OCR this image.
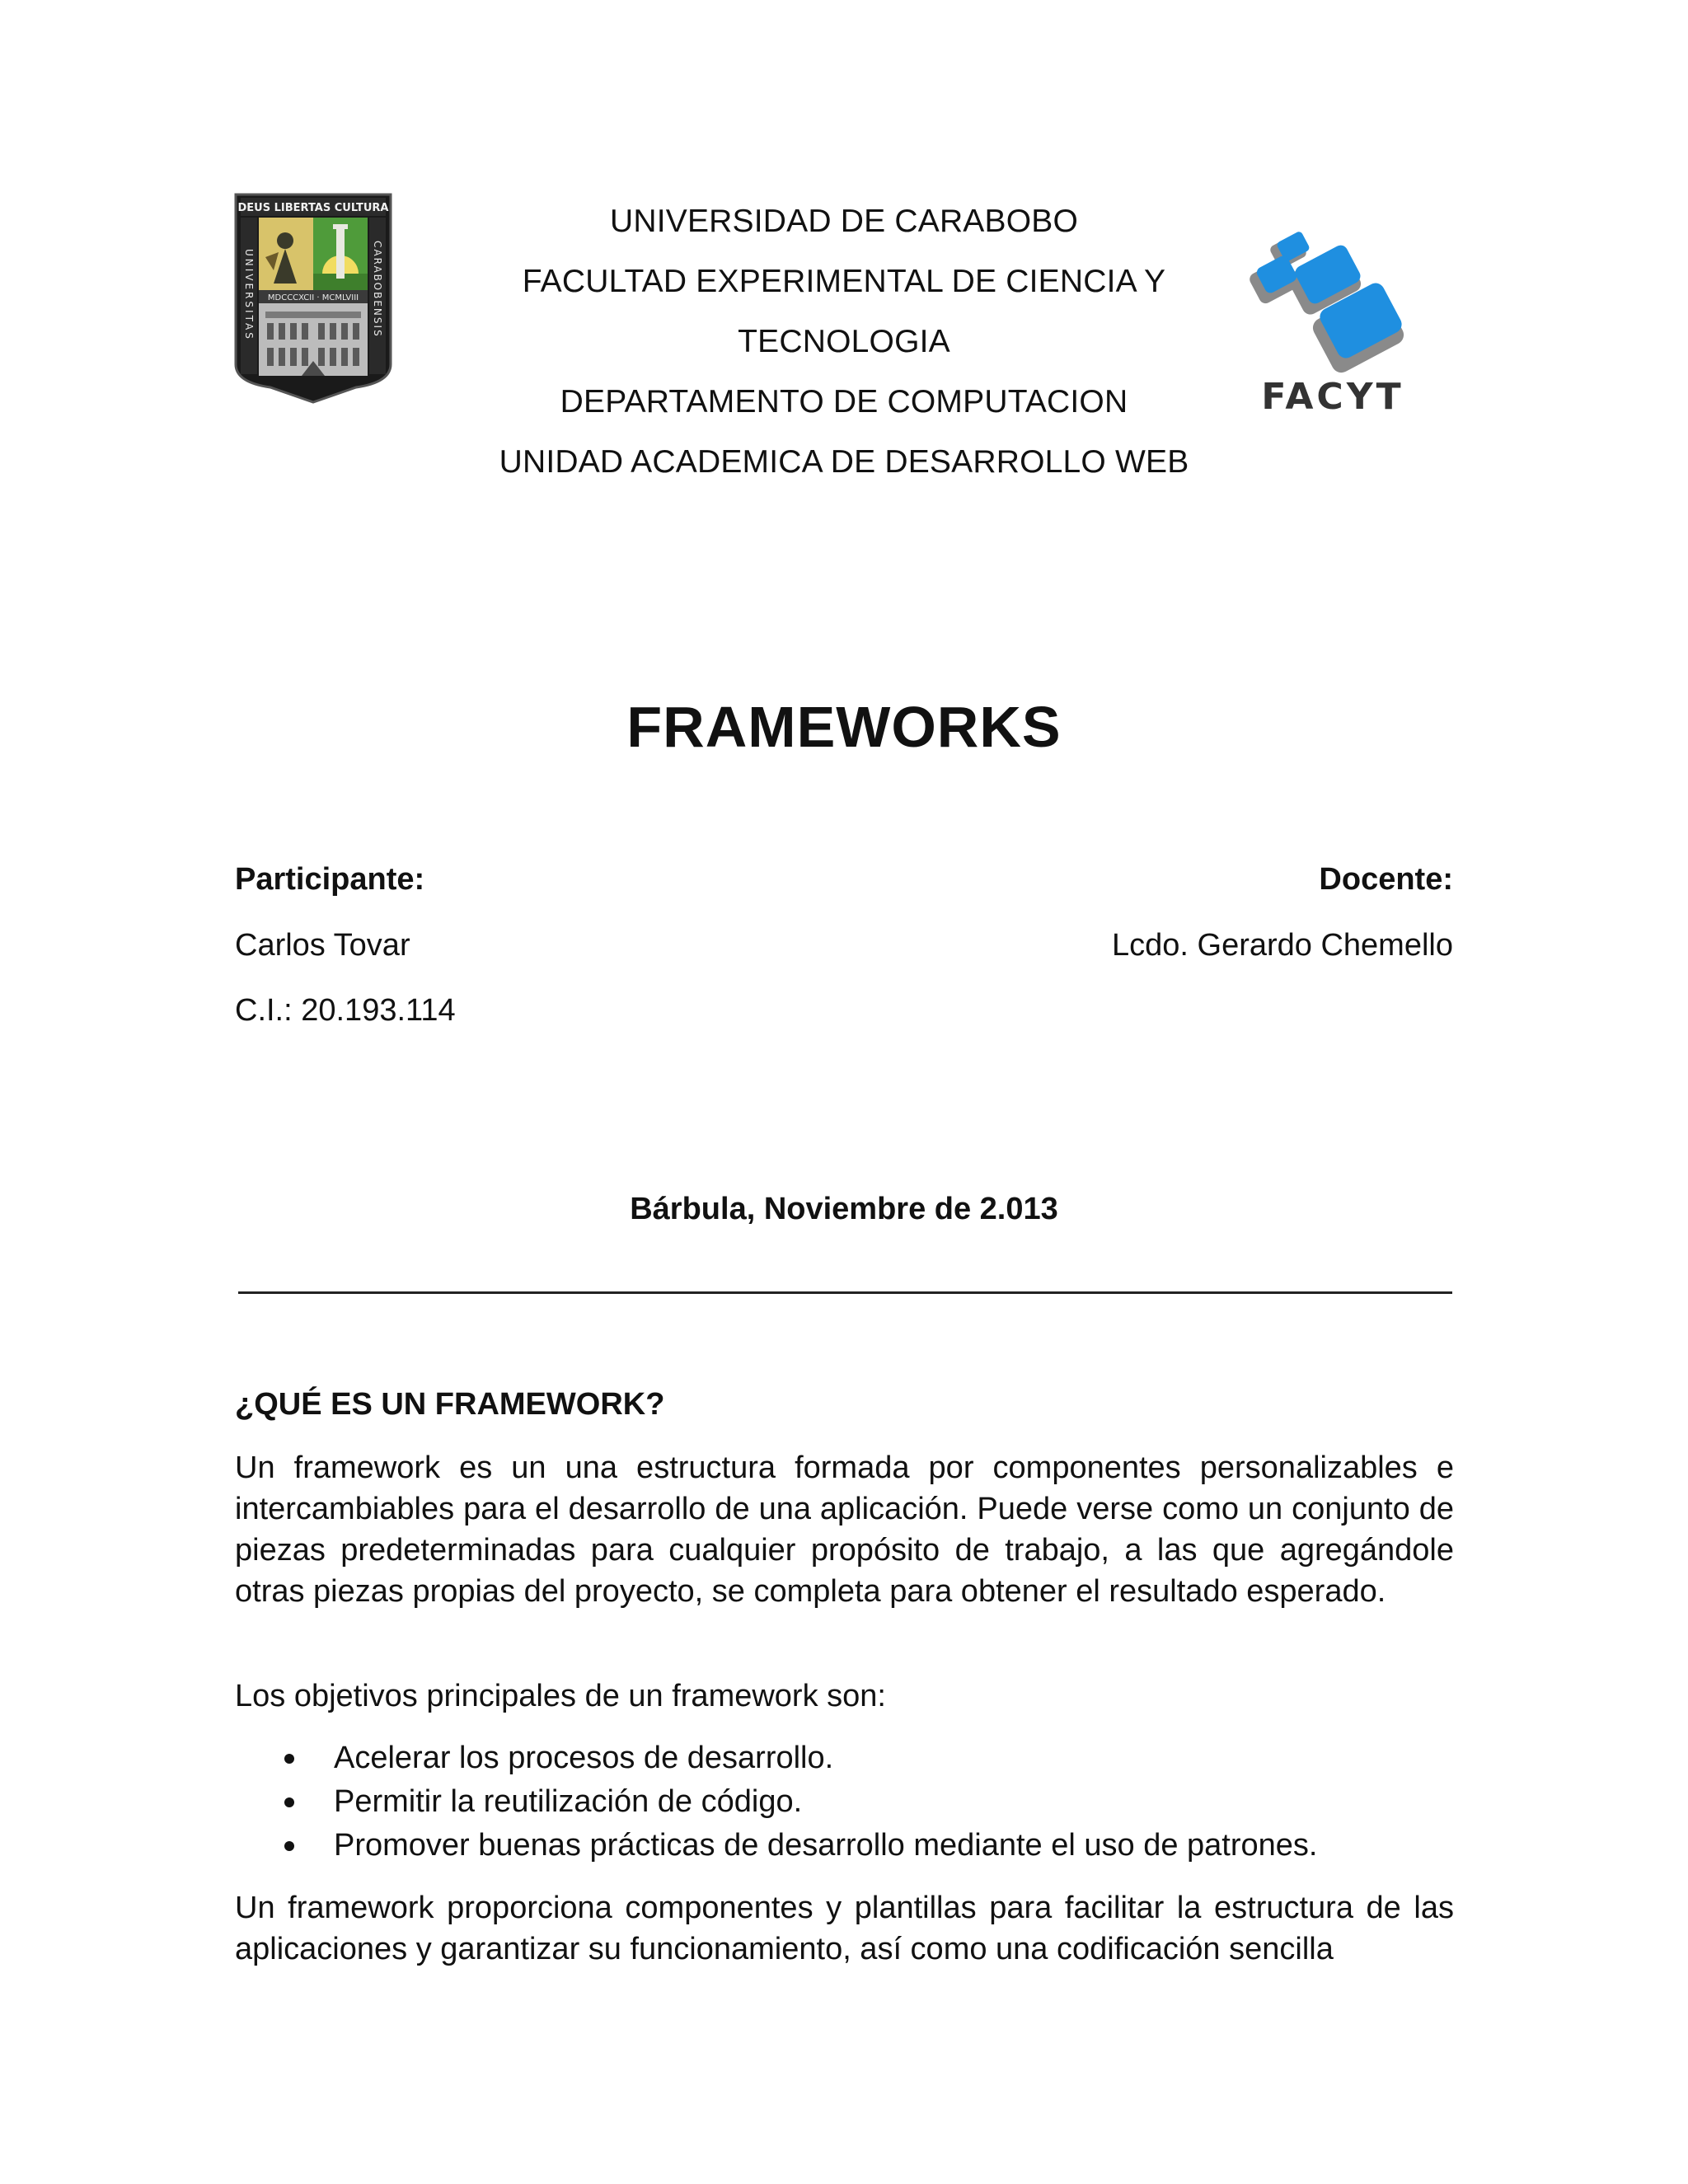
DEUS LIBERTAS CULTURA
UNIVERSITAS	CARABOBENSIS
MDCCCXCII · MCMLVIII
UNIVERSIDAD DE CARABOBO
FACULTAD EXPERIMENTAL DE CIENCIA Y
TECNOLOGIA
DEPARTAMENTO DE COMPUTACION
UNIDAD ACADEMICA DE DESARROLLO WEB
FACYT
FRAMEWORKS
Participante:
Carlos Tovar
C.I.: 20.193.114
Docente:
Lcdo. Gerardo Chemello
Bárbula, Noviembre de 2.013
¿QUÉ ES UN FRAMEWORK?
Un framework es un una estructura formada por componentes personalizables e intercambiables para el desarrollo de una aplicación. Puede verse como un conjunto de piezas predeterminadas para cualquier propósito de trabajo, a las que agregándole otras piezas propias del proyecto, se completa para obtener el resultado esperado.
Los objetivos principales de un framework son:
Acelerar los procesos de desarrollo.
Permitir la reutilización de código.
Promover buenas prácticas de desarrollo mediante el uso de patrones.
Un framework proporciona componentes y plantillas para facilitar la estructura de las aplicaciones y garantizar su funcionamiento, así como una codificación sencilla
